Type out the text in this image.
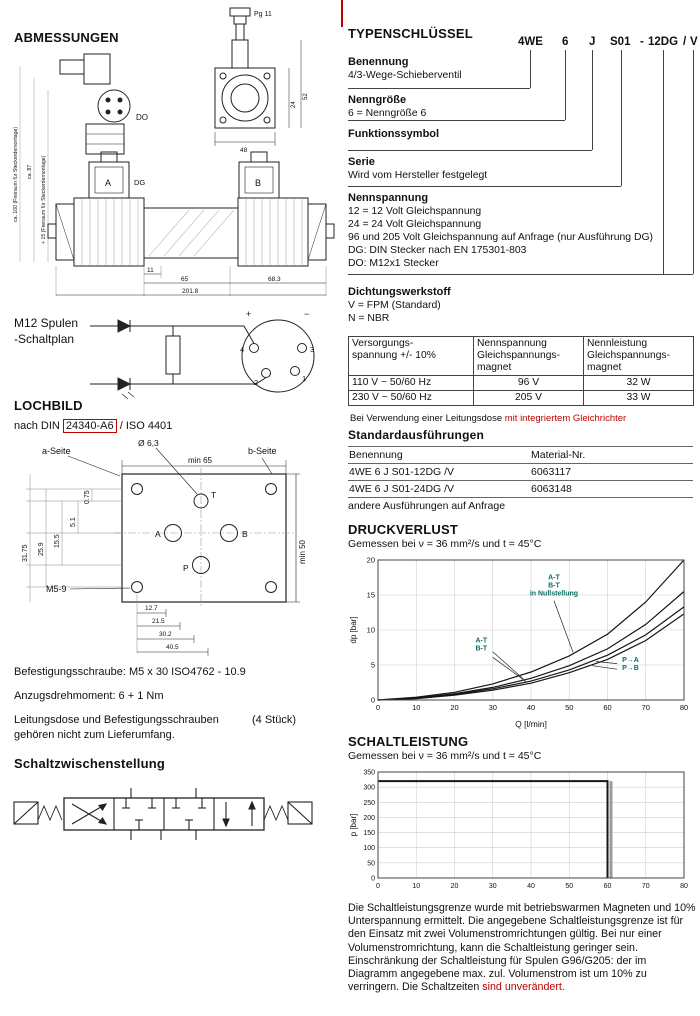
Pg 11
ca. 100 (Freiraum für Steckerdemontage) ca. 87 + 15 (Freiraum für Steckerdemontage)
48
24
52
DO
DG
A	B
11
65	68.3
201.8
ABMESSUNGEN
M12 Spulen
-Schaltplan
+	−
4	3
1
2
LOCHBILD
nach DIN 24340-A6 / ISO 4401
a-Seite	b-Seite
Ø 6,3
min 65
min 50
T
A	B
P
31.75 25.9
15.5
5.1
0.75
12.7
21.5
30.2
40.5
M5-9
Befestigungsschraube: M5 x 30 ISO4762 - 10.9
Anzugsdrehmoment: 6 + 1 Nm
Leitungsdose und Befestigungsschrauben	(4 Stück)
gehören nicht zum Lieferumfang.
Schaltzwischenstellung
TYPENSCHLÜSSEL
4WE 6 J S01 - 12DG / V
Benennung
4/3-Wege-Schieberventil
Nenngröße
6 = Nenngröße 6
Funktionssymbol
Serie
Wird vom Hersteller festgelegt
Nennspannung
12 = 12 Volt Gleichspannung
24 = 24 Volt Gleichspannung
96 und 205 Volt Gleichspannung auf Anfrage (nur Ausführung DG)
DG: DIN Stecker nach EN 175301-803
DO: M12x1 Stecker
Dichtungswerkstoff
V = FPM (Standard)
N = NBR
Versorgungs-
spannung +/- 10%	Nennspannung
Gleichspannungs-
magnet	Nennleistung
Gleichspannungs-
magnet
110 V ~ 50/60 Hz	96 V	32 W
230 V ~ 50/60 Hz	205 V	33 W
Bei Verwendung einer Leitungsdose mit integriertem Gleichrichter
Standardausführungen
Benennung	Material-Nr.
4WE 6 J S01-12DG /V	6063117
4WE 6 J S01-24DG /V	6063148
andere Ausführungen auf Anfrage
DRUCKVERLUST
Gemessen bei ν = 36 mm²/s und t = 45°C
0	10	20	30	40	50	60	70	80
0
5
10
15
20
Q [l/min]
dp [bar]
A-T B-T in Nullstellung
A-T B-T
P→A P→B
SCHALTLEISTUNG
Gemessen bei ν = 36 mm²/s und t = 45°C
0	10	20	30	40	50	60	70	80
0
50
100
150
200
250
300
350
p [bar]
Die Schaltleistungsgrenze wurde mit betriebswarmen Magneten und 10% Unterspannung ermittelt. Die angegebene Schaltleistungsgrenze ist für den Einsatz mit zwei Volumenstromrichtungen gültig. Bei nur einer Volumenstromrichtung, kann die Schaltleistung geringer sein.
Einschränkung der Schaltleistung für Spulen G96/G205: der im Diagramm angegebene max. zul. Volumenstrom ist um 10% zu verringern. Die Schaltzeiten sind unverändert.
